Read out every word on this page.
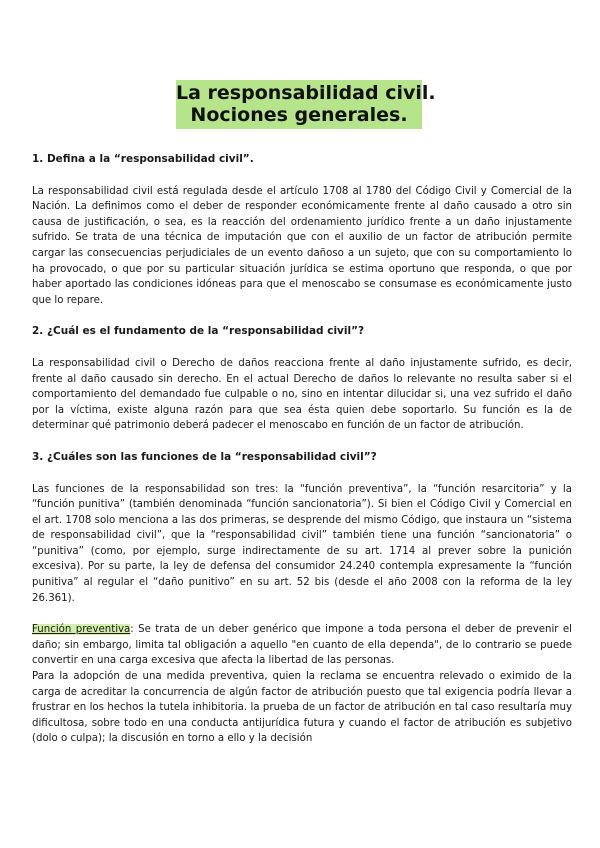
La responsabilidad civil.
Nociones generales.

1. Defina a la “responsabilidad civil”.

La responsabilidad civil está regulada desde el artículo 1708 al 1780 del Código Civil y Comercial de la Nación. La definimos como el deber de responder económicamente frente al daño causado a otro sin causa de justificación, o sea, es la reacción del ordenamiento jurídico frente a un daño injustamente sufrido. Se trata de una técnica de imputación que con el auxilio de un factor de atribución permite cargar las consecuencias perjudiciales de un evento dañoso a un sujeto, que con su comportamiento lo ha provocado, o que por su particular situación jurídica se estima oportuno que responda, o que por haber aportado las condiciones idóneas para que el menoscabo se consumase es económicamente justo que lo repare.

2. ¿Cuál es el fundamento de la “responsabilidad civil”?

La responsabilidad civil o Derecho de daños reacciona frente al daño injustamente sufrido, es decir, frente al daño causado sin derecho. En el actual Derecho de daños lo relevante no resulta saber si el comportamiento del demandado fue culpable o no, sino en intentar dilucidar si, una vez sufrido el daño por la víctima, existe alguna razón para que sea ésta quien debe soportarlo. Su función es la de determinar qué patrimonio deberá padecer el menoscabo en función de un factor de atribución.

3. ¿Cuáles son las funciones de la “responsabilidad civil”?

Las funciones de la responsabilidad son tres: la “función preventiva”, la “función resarcitoria” y la “función punitiva” (también denominada “función sancionatoria”). Si bien el Código Civil y Comercial en el art. 1708 solo menciona a las dos primeras, se desprende del mismo Código, que instaura un “sistema de responsabilidad civil”, que la “responsabilidad civil” también tiene una función “sancionatoria” o “punitiva” (como, por ejemplo, surge indirectamente de su art. 1714 al prever sobre la punición excesiva). Por su parte, la ley de defensa del consumidor 24.240 contempla expresamente la “función punitiva” al regular el “daño punitivo” en su art. 52 bis (desde el año 2008 con la reforma de la ley 26.361).

Función preventiva: Se trata de un deber genérico que impone a toda persona el deber de prevenir el daño; sin embargo, limita tal obligación a aquello "en cuanto de ella dependa", de lo contrario se puede convertir en una carga excesiva que afecta la libertad de las personas.

Para la adopción de una medida preventiva, quien la reclama se encuentra relevado o eximido de la carga de acreditar la concurrencia de algún factor de atribución puesto que tal exigencia podría llevar a frustrar en los hechos la tutela inhibitoria. la prueba de un factor de atribución en tal caso resultaría muy dificultosa, sobre todo en una conducta antijurídica futura y cuando el factor de atribución es subjetivo (dolo o culpa); la discusión en torno a ello y la decisión
